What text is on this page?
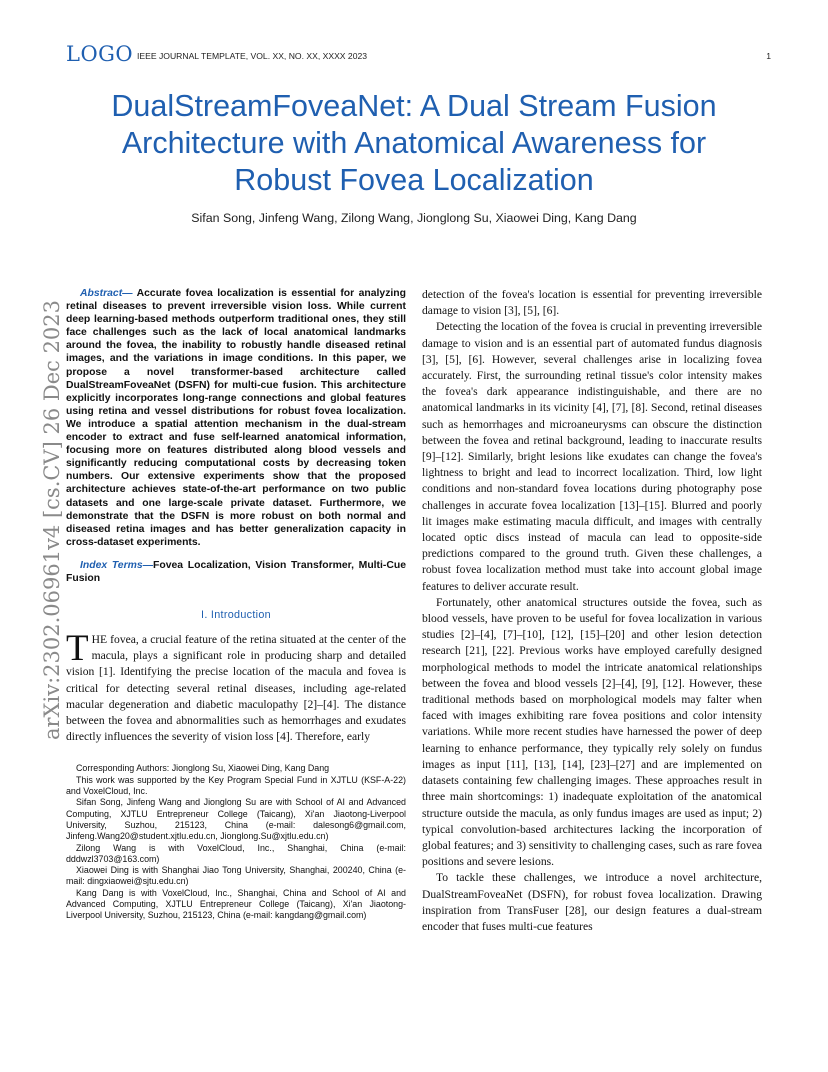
LOGO IEEE JOURNAL TEMPLATE, VOL. XX, NO. XX, XXXX 2023	1
arXiv:2302.06961v4 [cs.CV] 26 Dec 2023
DualStreamFoveaNet: A Dual Stream Fusion Architecture with Anatomical Awareness for Robust Fovea Localization
Sifan Song, Jinfeng Wang, Zilong Wang, Jionglong Su, Xiaowei Ding, Kang Dang

Abstract— Accurate fovea localization is essential for analyzing retinal diseases to prevent irreversible vision loss. While current deep learning-based methods outperform traditional ones, they still face challenges such as the lack of local anatomical landmarks around the fovea, the inability to robustly handle diseased retinal images, and the variations in image conditions. In this paper, we propose a novel transformer-based architecture called DualStreamFoveaNet (DSFN) for multi-cue fusion. This architecture explicitly incorporates long-range connections and global features using retina and vessel distributions for robust fovea localization. We introduce a spatial attention mechanism in the dual-stream encoder to extract and fuse self-learned anatomical information, focusing more on features distributed along blood vessels and significantly reducing computational costs by decreasing token numbers. Our extensive experiments show that the proposed architecture achieves state-of-the-art performance on two public datasets and one large-scale private dataset. Furthermore, we demonstrate that the DSFN is more robust on both normal and diseased retina images and has better generalization capacity in cross-dataset experiments.

Index Terms—Fovea Localization, Vision Transformer, Multi-Cue Fusion

I. Introduction

THE fovea, a crucial feature of the retina situated at the center of the macula, plays a significant role in producing sharp and detailed vision [1]. Identifying the precise location of the macula and fovea is critical for detecting several retinal diseases, including age-related macular degeneration and diabetic maculopathy [2]–[4]. The distance between the fovea and abnormalities such as hemorrhages and exudates directly influences the severity of vision loss [4]. Therefore, early

Corresponding Authors: Jionglong Su, Xiaowei Ding, Kang Dang

This work was supported by the Key Program Special Fund in XJTLU (KSF-A-22) and VoxelCloud, Inc.

Sifan Song, Jinfeng Wang and Jionglong Su are with School of AI and Advanced Computing, XJTLU Entrepreneur College (Taicang), Xi'an Jiaotong-Liverpool University, Suzhou, 215123, China (e-mail: dalesong6@gmail.com, Jinfeng.Wang20@student.xjtlu.edu.cn, Jionglong.Su@xjtlu.edu.cn)

Zilong Wang is with VoxelCloud, Inc., Shanghai, China (e-mail: dddwzl3703@163.com)

Xiaowei Ding is with Shanghai Jiao Tong University, Shanghai, 200240, China (e-mail: dingxiaowei@sjtu.edu.cn)

Kang Dang is with VoxelCloud, Inc., Shanghai, China and School of AI and Advanced Computing, XJTLU Entrepreneur College (Taicang), Xi'an Jiaotong-Liverpool University, Suzhou, 215123, China (e-mail: kangdang@gmail.com)

detection of the fovea's location is essential for preventing irreversible damage to vision [3], [5], [6].

Detecting the location of the fovea is crucial in preventing irreversible damage to vision and is an essential part of automated fundus diagnosis [3], [5], [6]. However, several challenges arise in localizing fovea accurately. First, the surrounding retinal tissue's color intensity makes the fovea's dark appearance indistinguishable, and there are no anatomical landmarks in its vicinity [4], [7], [8]. Second, retinal diseases such as hemorrhages and microaneurysms can obscure the distinction between the fovea and retinal background, leading to inaccurate results [9]–[12]. Similarly, bright lesions like exudates can change the fovea's lightness to bright and lead to incorrect localization. Third, low light conditions and non-standard fovea locations during photography pose challenges in accurate fovea localization [13]–[15]. Blurred and poorly lit images make estimating macula difficult, and images with centrally located optic discs instead of macula can lead to opposite-side predictions compared to the ground truth. Given these challenges, a robust fovea localization method must take into account global image features to deliver accurate result.

Fortunately, other anatomical structures outside the fovea, such as blood vessels, have proven to be useful for fovea localization in various studies [2]–[4], [7]–[10], [12], [15]–[20] and other lesion detection research [21], [22]. Previous works have employed carefully designed morphological methods to model the intricate anatomical relationships between the fovea and blood vessels [2]–[4], [9], [12]. However, these traditional methods based on morphological models may falter when faced with images exhibiting rare fovea positions and color intensity variations. While more recent studies have harnessed the power of deep learning to enhance performance, they typically rely solely on fundus images as input [11], [13], [14], [23]–[27] and are implemented on datasets containing few challenging images. These approaches result in three main shortcomings: 1) inadequate exploitation of the anatomical structure outside the macula, as only fundus images are used as input; 2) typical convolution-based architectures lacking the incorporation of global features; and 3) sensitivity to challenging cases, such as rare fovea positions and severe lesions.

To tackle these challenges, we introduce a novel architecture, DualStreamFoveaNet (DSFN), for robust fovea localization. Drawing inspiration from TransFuser [28], our design features a dual-stream encoder that fuses multi-cue features
